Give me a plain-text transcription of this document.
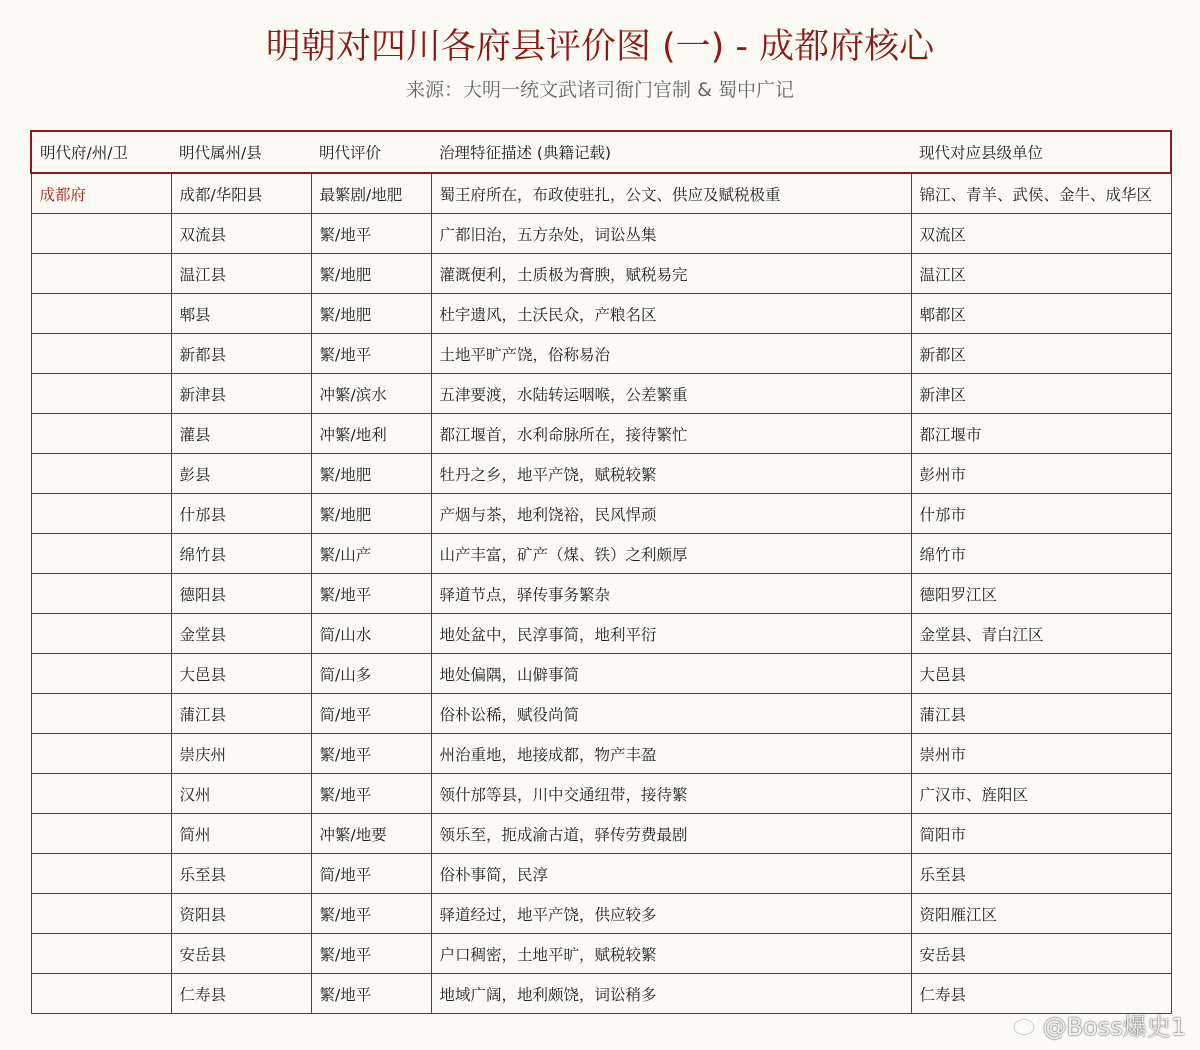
明朝对四川各府县评价图 (一) - 成都府核心

来源：大明一统文武诸司衙门官制 & 蜀中广记

明代府/州/卫	明代属州/县	明代评价	治理特征描述 (典籍记载)	现代对应县级单位
成都府	成都/华阳县	最繁剧/地肥	蜀王府所在，布政使驻扎，公文、供应及赋税极重	锦江、青羊、武侯、金牛、成华区
	双流县	繁/地平	广都旧治，五方杂处，词讼丛集	双流区
	温江县	繁/地肥	灌溉便利，土质极为膏腴，赋税易完	温江区
	郫县	繁/地肥	杜宇遗风，土沃民众，产粮名区	郫都区
	新都县	繁/地平	土地平旷产饶，俗称易治	新都区
	新津县	冲繁/滨水	五津要渡，水陆转运咽喉，公差繁重	新津区
	灌县	冲繁/地利	都江堰首，水利命脉所在，接待繁忙	都江堰市
	彭县	繁/地肥	牡丹之乡，地平产饶，赋税较繁	彭州市
	什邡县	繁/地肥	产烟与茶，地利饶裕，民风悍顽	什邡市
	绵竹县	繁/山产	山产丰富，矿产（煤、铁）之利颇厚	绵竹市
	德阳县	繁/地平	驿道节点，驿传事务繁杂	德阳罗江区
	金堂县	简/山水	地处盆中，民淳事简，地利平衍	金堂县、青白江区
	大邑县	简/山多	地处偏隅，山僻事简	大邑县
	蒲江县	简/地平	俗朴讼稀，赋役尚简	蒲江县
	崇庆州	繁/地平	州治重地，地接成都，物产丰盈	崇州市
	汉州	繁/地平	领什邡等县，川中交通纽带，接待繁	广汉市、旌阳区
	简州	冲繁/地要	领乐至，扼成渝古道，驿传劳费最剧	简阳市
	乐至县	简/地平	俗朴事简，民淳	乐至县
	资阳县	繁/地平	驿道经过，地平产饶，供应较多	资阳雁江区
	安岳县	繁/地平	户口稠密，土地平旷，赋税较繁	安岳县
	仁寿县	繁/地平	地域广阔，地利颇饶，词讼稍多	仁寿县
@Boss爆史1
